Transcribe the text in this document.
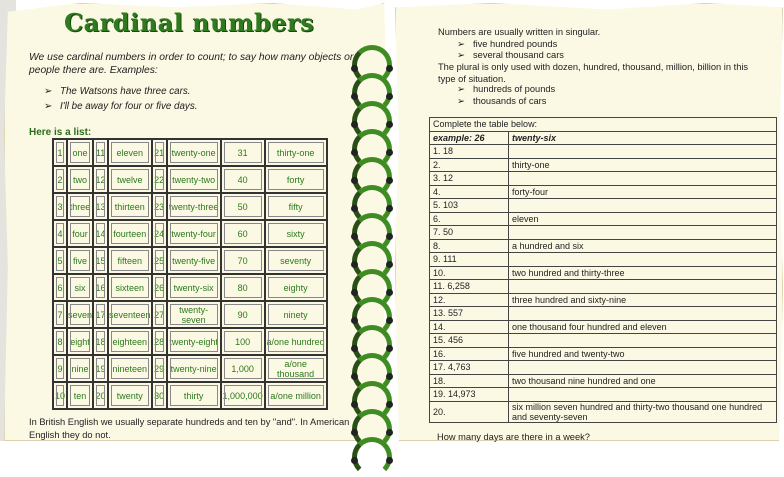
Cardinal numbers
We use cardinal numbers in order to count; to say how many objects or people there are. Examples:
➢ The Watsons have three cars.
➢ I'll be away for four or five days.
Here is a list:
1	one	11	eleven	21	twenty-one	31	thirty-one
2	two	12	twelve	22	twenty-two	40	forty
3	three	13	thirteen	23	twenty-three	50	fifty
4	four	14	fourteen	24	twenty-four	60	sixty
5	five	15	fifteen	25	twenty-five	70	seventy
6	six	16	sixteen	26	twenty-six	80	eighty
7	seven	17	seventeen	27	twenty-seven	90	ninety
8	eight	18	eighteen	28	twenty-eight	100	a/one hundred
9	nine	19	nineteen	29	twenty-nine	1,000	a/one thousand
10	ten	20	twenty	30	thirty	1,000,000	a/one million
In British English we usually separate hundreds and ten by "and". In American English they do not.
Numbers are usually written in singular.
➢ five hundred pounds
➢ several thousand cars
The plural is only used with dozen, hundred, thousand, million, billion in this type of situation.
➢ hundreds of pounds
➢ thousands of cars
Complete the table below:	
example: 26	twenty-six
1. 18	
2.	thirty-one
3. 12	
4.	forty-four
5. 103	
6.	eleven
7. 50	
8.	a hundred and six
9. 111	
10.	two hundred and thirty-three
11. 6,258	
12.	three hundred and sixty-nine
13. 557	
14.	one thousand four hundred and eleven
15. 456	
16.	five hundred and twenty-two
17. 4,763	
18.	two thousand nine hundred and one
19. 14,973	
20.	six million seven hundred and thirty-two thousand one hundred and seventy-seven
How many days are there in a week?
